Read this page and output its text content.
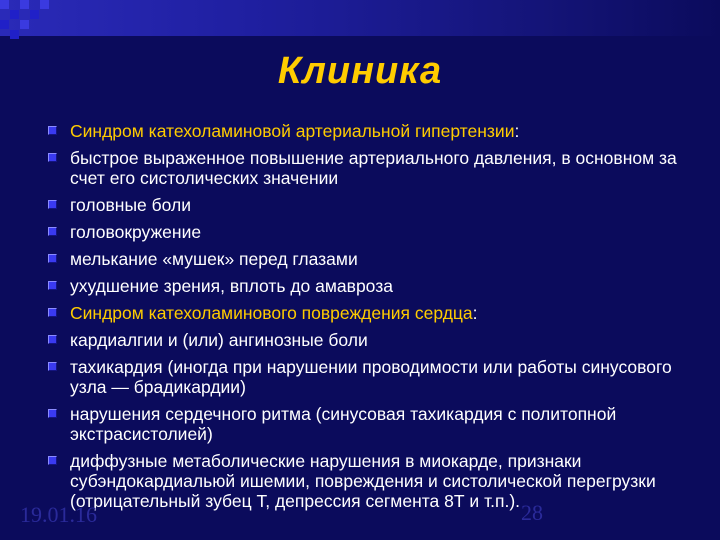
Клиника
Синдром катехоламиновой артериальной гипертензии:
быстрое выраженное повышение артериального давления, в основном за счет его систолических значении
головные боли
головокружение
мелькание «мушек» перед глазами
ухудшение зрения, вплоть до амавроза
Синдром катехоламинового повреждения сердца:
кардиалгии и (или) ангинозные боли
тахикардия (иногда при нарушении проводимости или работы синусового узла — брадикардии)
нарушения сердечного ритма (синусовая тахикардия с политопной экстрасистолией)
диффузные метаболические нарушения в миокарде, признаки субэндокардиальюй ишемии, повреждения и систолической перегрузки (отрицательный зубец Т, депрессия сегмента 8Т и т.п.).
19.01.16	28
